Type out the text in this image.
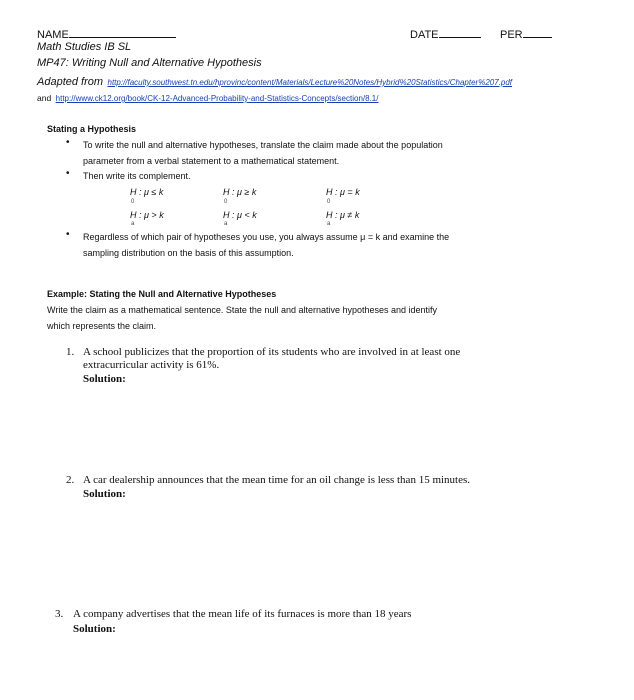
NAME	DATE	PER
Math Studies IB SL
MP47: Writing Null and Alternative Hypothesis
Adapted from http://faculty.southwest.tn.edu/hprovinc/content/Materials/Lecture%20Notes/Hybrid%20Statistics/Chapter%207.pdf
and http://www.ck12.org/book/CK-12-Advanced-Probability-and-Statistics-Concepts/section/8.1/
Stating a Hypothesis
• To write the null and alternative hypotheses, translate the claim made about the population
parameter from a verbal statement to a mathematical statement.
• Then write its complement.
H : μ ≤ k
0
H : μ ≥ k
0
H : μ = k
0
H : μ > k
a
H : μ < k
a
H : μ ≠ k
a
• Regardless of which pair of hypotheses you use, you always assume μ = k and examine the
sampling distribution on the basis of this assumption.
Example: Stating the Null and Alternative Hypotheses
Write the claim as a mathematical sentence. State the null and alternative hypotheses and identify
which represents the claim.
1. A school publicizes that the proportion of its students who are involved in at least one
extracurricular activity is 61%.
Solution:
2. A car dealership announces that the mean time for an oil change is less than 15 minutes.
Solution:
3. A company advertises that the mean life of its furnaces is more than 18 years
Solution:
